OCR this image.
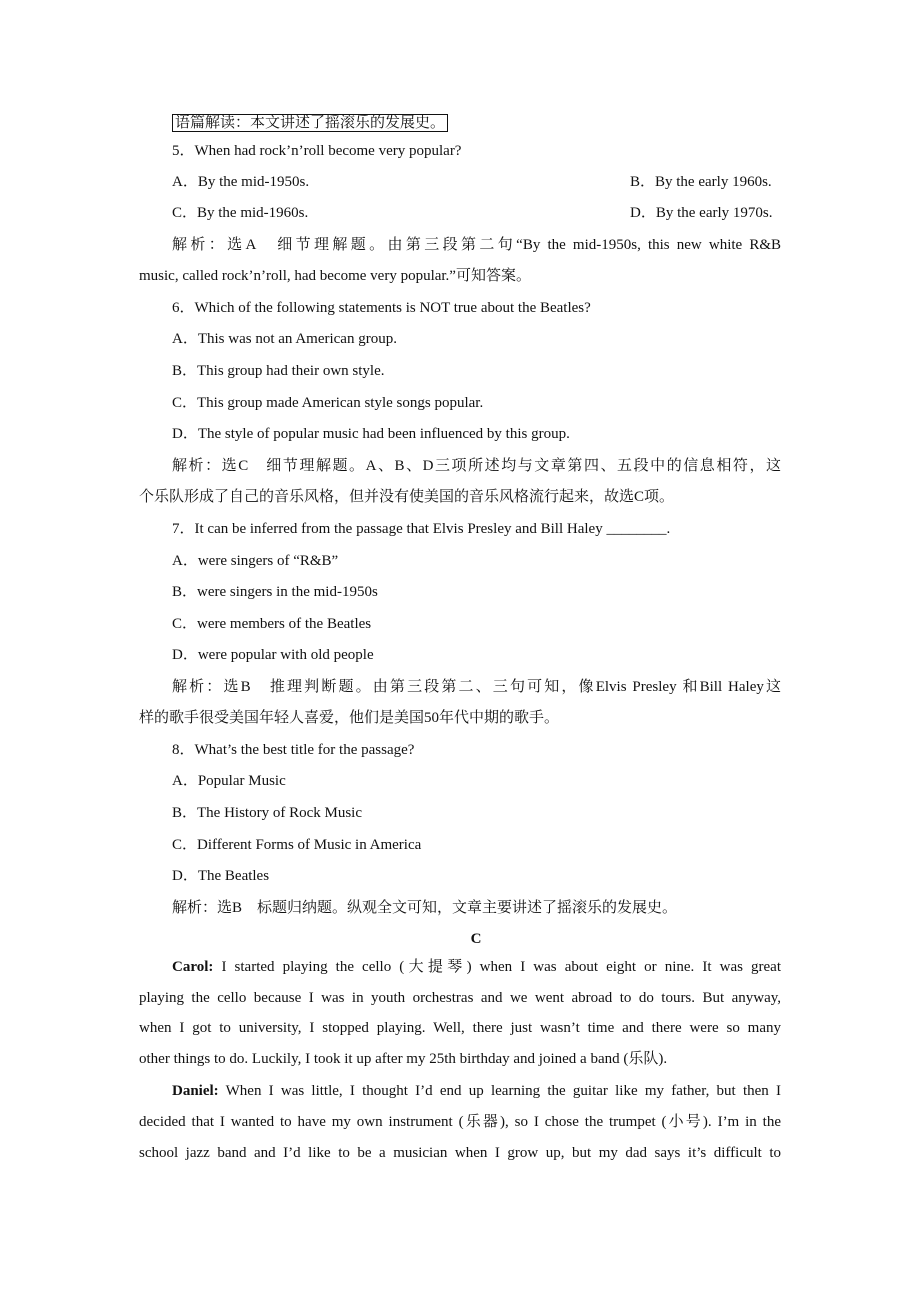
语篇解读：本文讲述了摇滚乐的发展史。
5．When had rock’n’roll become very popular?
A．By the mid-1950s.	B．By the early 1960s.
C．By the mid-1960s.	D．By the early 1970s.
解析：选A　细节理解题。由第三段第二句“By the mid-1950s, this new white R&B
music, called rock’n’roll, had become very popular.”可知答案。
6．Which of the following statements is NOT true about the Beatles?
A．This was not an American group.
B．This group had their own style.
C．This group made American style songs popular.
D．The style of popular music had been influenced by this group.
解析：选C　细节理解题。A、B、D三项所述均与文章第四、五段中的信息相符，这
个乐队形成了自己的音乐风格，但并没有使美国的音乐风格流行起来，故选C项。
7．It can be inferred from the passage that Elvis Presley and Bill Haley ________.
A．were singers of “R&B”
B．were singers in the mid-1950s
C．were members of the Beatles
D．were popular with old people
解析：选B　推理判断题。由第三段第二、三句可知，像Elvis Presley 和Bill Haley这
样的歌手很受美国年轻人喜爱，他们是美国50年代中期的歌手。
8．What’s the best title for the passage?
A．Popular Music
B．The History of Rock Music
C．Different Forms of Music in America
D．The Beatles
解析：选B　标题归纳题。纵观全文可知，文章主要讲述了摇滚乐的发展史。
C
Carol: I started playing the cello (大提琴) when I was about eight or nine. It was great
playing the cello because I was in youth orchestras and we went abroad to do tours. But anyway,
when I got to university, I stopped playing. Well, there just wasn’t time and there were so many
other things to do. Luckily, I took it up after my 25th birthday and joined a band (乐队).
Daniel: When I was little, I thought I’d end up learning the guitar like my father, but then I
decided that I wanted to have my own instrument (乐器), so I chose the trumpet (小号). I’m in the
school jazz band and I’d like to be a musician when I grow up, but my dad says it’s difficult to
